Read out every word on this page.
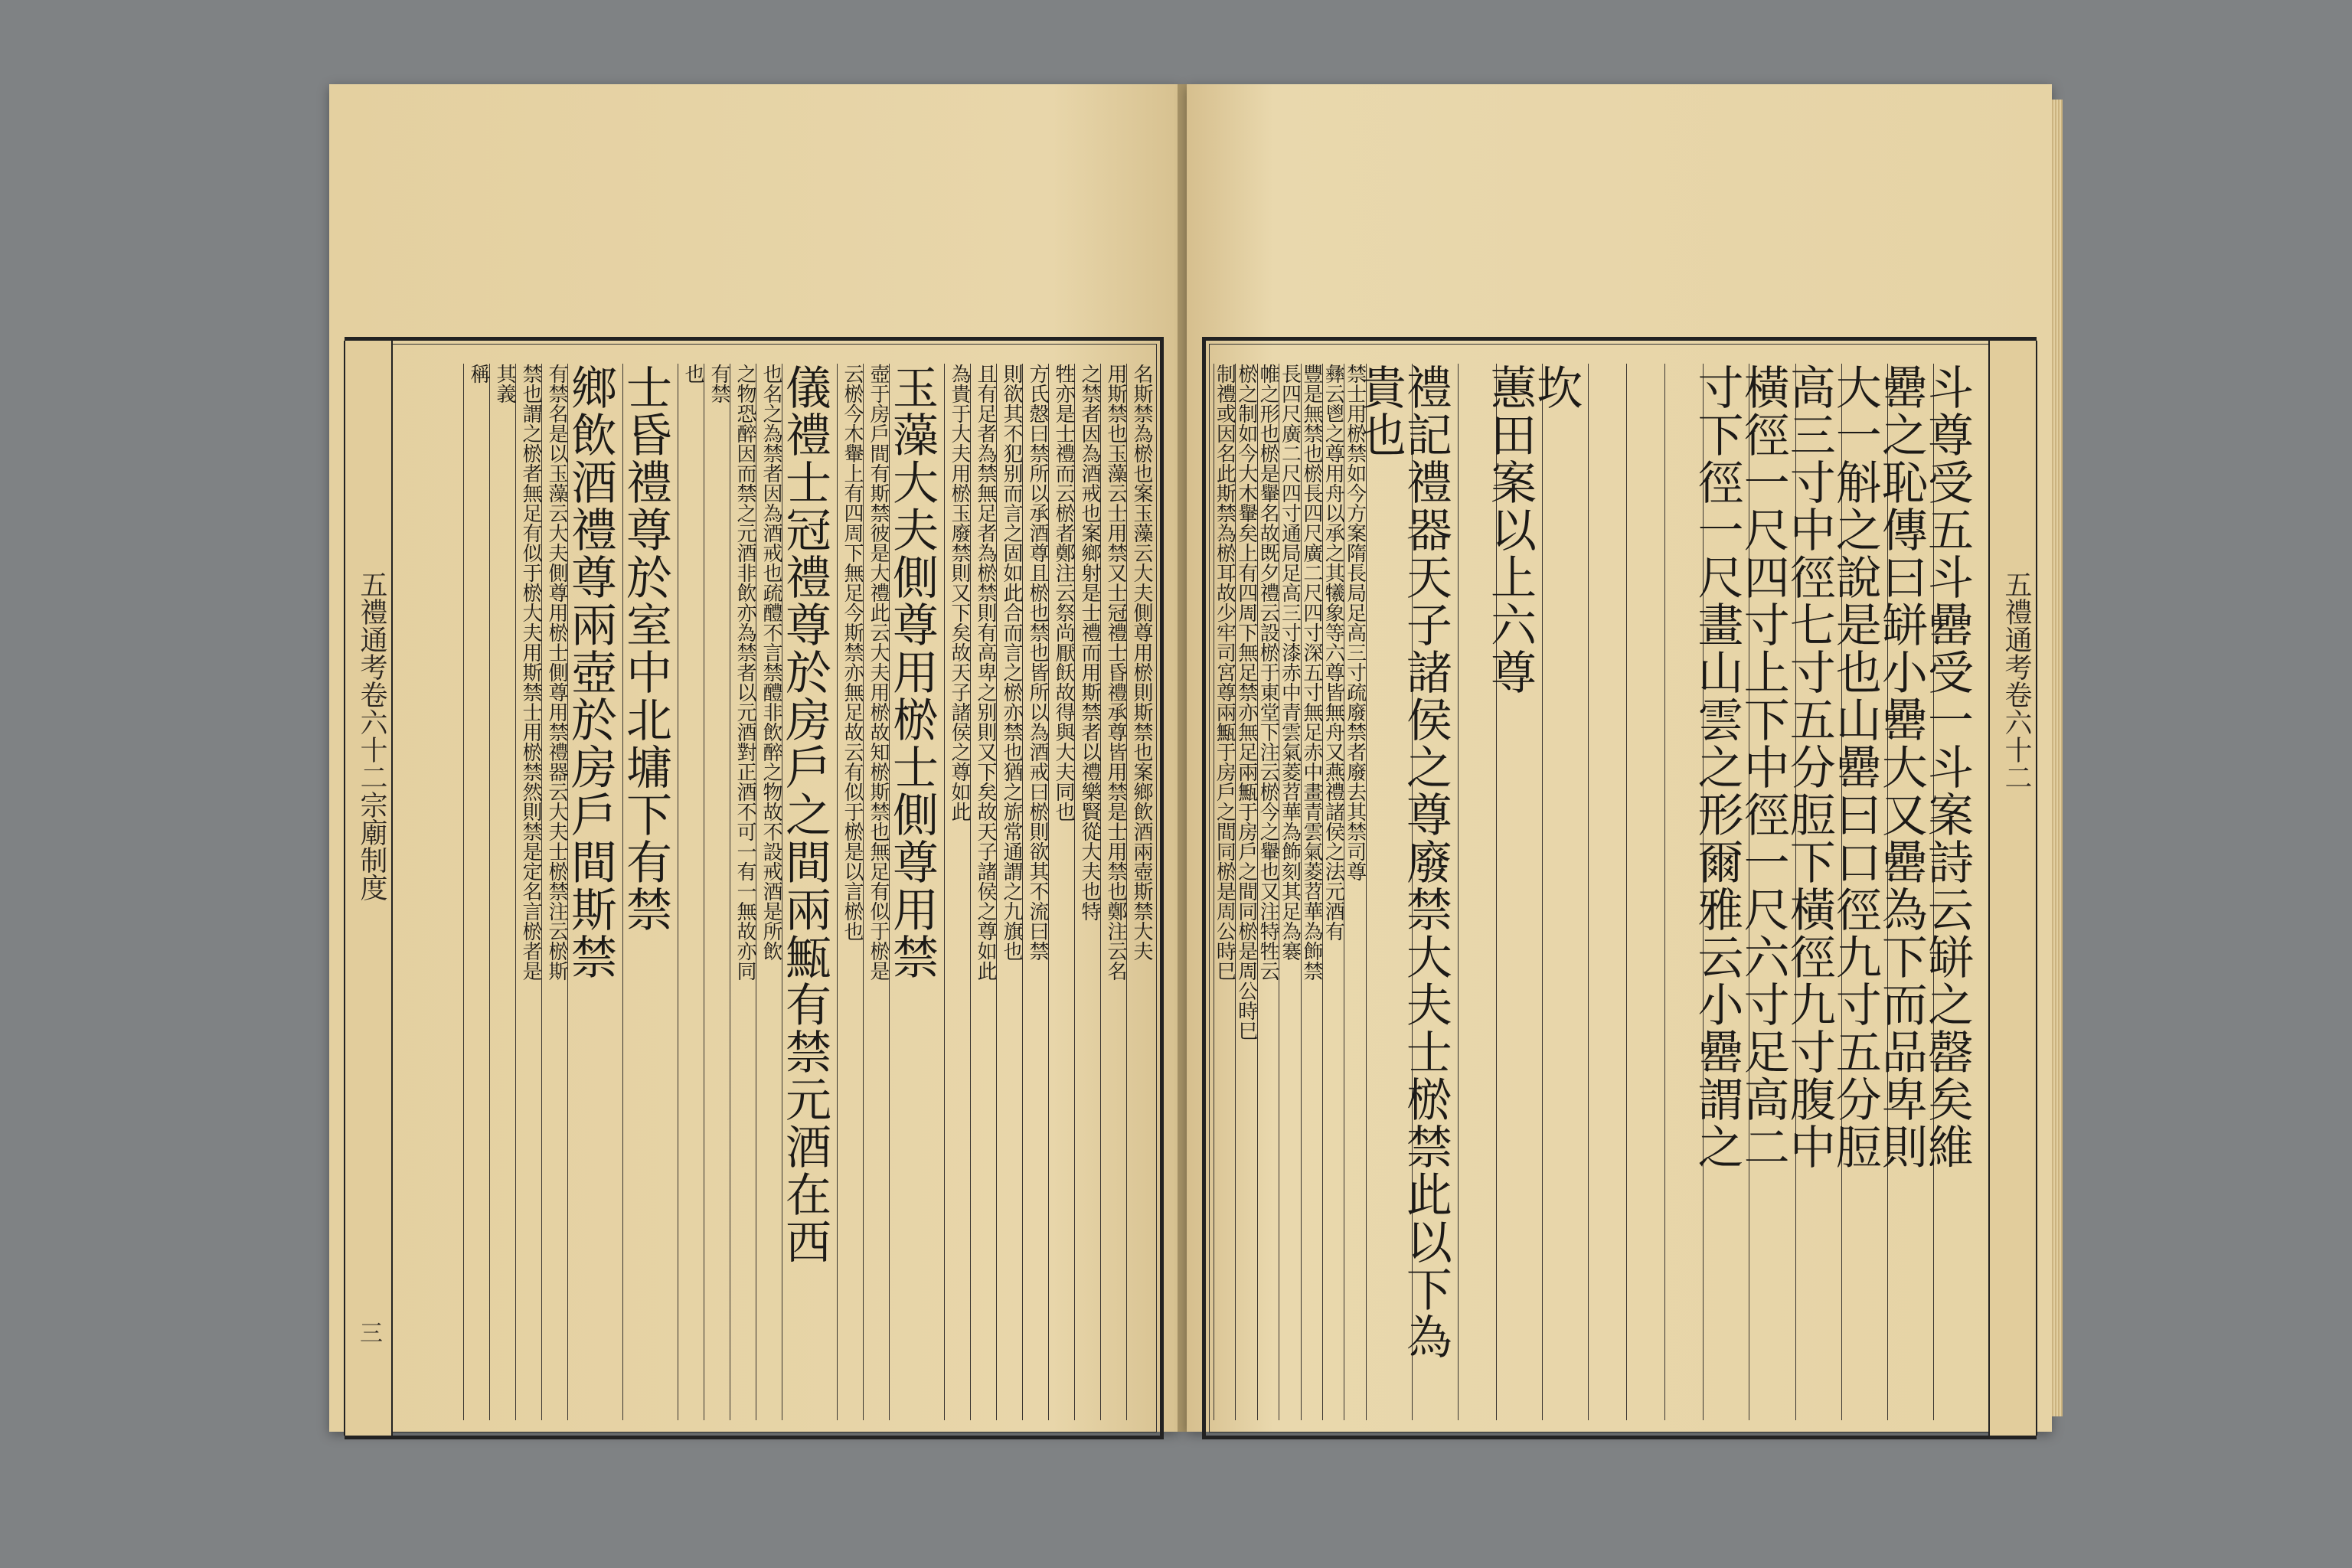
名斯禁為棜也案玉藻云大夫側尊用棜則斯禁也案鄉飲酒兩壺斯禁大夫
用斯禁也玉藻云士用禁又士冠禮士昏禮承尊皆用禁是士用禁也鄭注云名
之禁者因為酒戒也案鄉射是士禮而用斯禁者以禮樂賢從大夫也特
牲亦是士禮而云棜者鄭注云祭尚厭飫故得與大夫同也
方氏慤曰禁所以承酒尊且棜也禁也皆所以為酒戒曰棜則欲其不流曰禁
則欲其不犯别而言之固如此合而言之棜亦禁也猶之旂常通謂之九旗也
且有足者為禁無足者為棜禁則有高卑之别則又下矣故天子諸侯之尊如此
為貴于大夫用棜玉廢禁則又下矣故天子諸侯之尊如此
玉藻大夫側尊用棜士側尊用禁
壺于房戶間有斯禁彼是大禮此云大夫用棜故知棜斯禁也無足有似于棜是
云棜今木轝上有四周下無足今斯禁亦無足故云有似于棜是以言棜也
儀禮士冠禮尊於房戶之間兩甒有禁元酒在西
也名之為禁者因為酒戒也疏醴不言禁醴非飲醉之物故不設戒酒是所飲
之物恐醉因而禁之元酒非飲亦為禁者以元酒對正酒不可一有一無故亦同
有禁
也
士昏禮尊於室中北墉下有禁
鄉飲酒禮尊兩壺於房戶間斯禁
有禁名是以玉藻云大夫側尊用棜士側尊用禁禮器云大夫士棜禁注云棜斯
禁也謂之棜者無足有似于棜大夫用斯禁士用棜禁然則禁是定名言棜者是
其義
稱
五禮通考卷六十二宗廟制度
三
斗尊受五斗罍受一斗案詩云缾之罄矣維
罍之恥傳曰缾小罍大又罍為下而品卑則
大一斛之說是也山罍曰口徑九寸五分脰
高三寸中徑七寸五分脰下橫徑九寸腹中
橫徑一尺四寸上下中徑一尺六寸足高二
寸下徑一尺畫山雲之形爾雅云小罍謂之
坎
蕙田案以上六尊
禮記禮器天子諸侯之尊廢禁大夫士棜禁此以下為
貴也
禁士用棜禁如今方案隋長局足高三寸疏廢禁者廢去其禁司尊
彝云鬯之尊用舟以承之其犧象等六尊皆無舟又燕禮諸侯之法元酒有
豐是無禁也棜長四尺廣二尺四寸深五寸無足赤中畫青雲氣菱苕華為飾禁
長四尺廣二尺四寸通局足高三寸漆赤中青雲氣菱苕華為飾刻其足為褰
帷之形也棜是轝名故既夕禮云設棜于東堂下注云棜今之轝也又注特牲云
棜之制如今大木轝矣上有四周下無足禁亦無足兩甒于房戶之間同棜是周公時巳
制禮或因名此斯禁為棜耳故少牢司宮尊兩甒于房戶之間同棜是周公時巳	五禮通考卷六十二
